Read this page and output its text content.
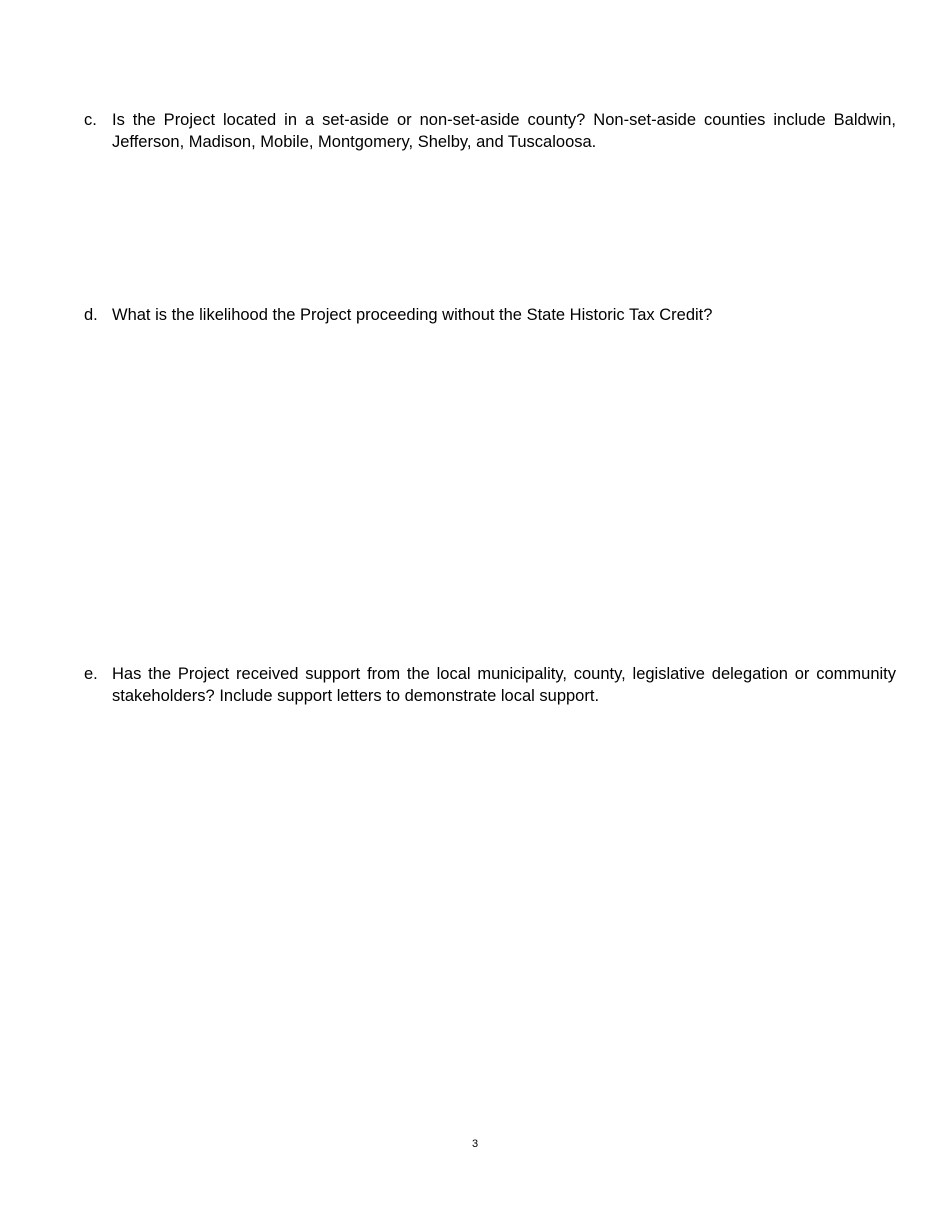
c. Is the Project located in a set-aside or non-set-aside county? Non-set-aside counties include Baldwin, Jefferson, Madison, Mobile, Montgomery, Shelby, and Tuscaloosa.
d. What is the likelihood the Project proceeding without the State Historic Tax Credit?
e. Has the Project received support from the local municipality, county, legislative delegation or community stakeholders? Include support letters to demonstrate local support.
3
